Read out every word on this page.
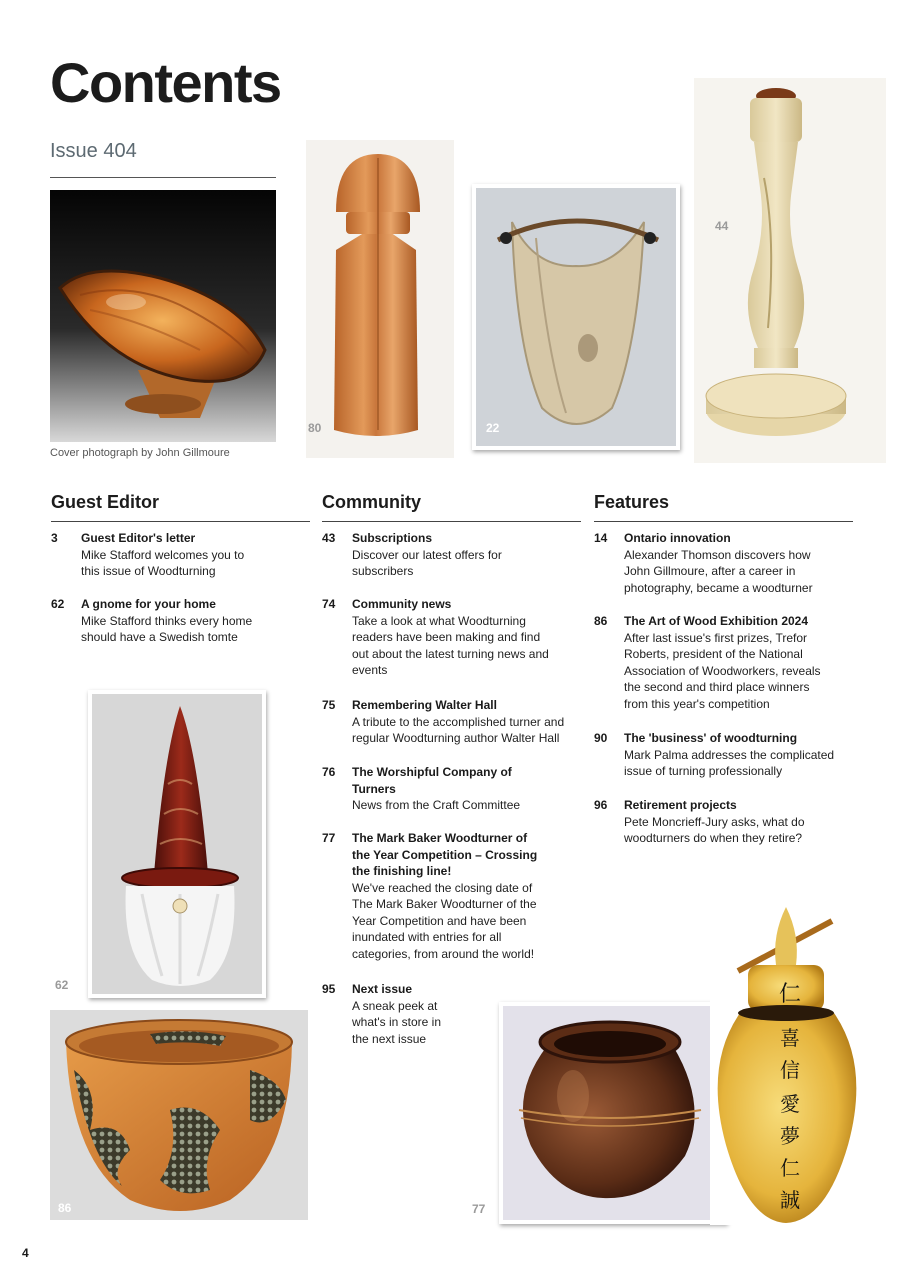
Contents
Issue 404
Cover photograph by John Gillmoure
80	22
44
Guest Editor	Community	Features
3 Guest Editor's letter
Mike Stafford welcomes you to this issue of Woodturning
62 A gnome for your home
Mike Stafford thinks every home should have a Swedish tomte
43 Subscriptions
Discover our latest offers for subscribers
74 Community news
Take a look at what Woodturning readers have been making and find out about the latest turning news and events
75 Remembering Walter Hall
A tribute to the accomplished turner and regular Woodturning author Walter Hall
76 The Worshipful Company of Turners
News from the Craft Committee
77 The Mark Baker Woodturner of the Year Competition – Crossing the finishing line!
We've reached the closing date of The Mark Baker Woodturner of the Year Competition and have been inundated with entries for all categories, from around the world!
95 Next issue
A sneak peek at what's in store in the next issue
14 Ontario innovation
Alexander Thomson discovers how John Gillmoure, after a career in photography, became a woodturner
86 The Art of Wood Exhibition 2024
After last issue's first prizes, Trefor Roberts, president of the National Association of Woodworkers, reveals the second and third place winners from this year's competition
90 The 'business' of woodturning
Mark Palma addresses the complicated issue of turning professionally
96 Retirement projects
Pete Moncrieff-Jury asks, what do woodturners do when they retire?
62
86	77
仁
喜
信
愛
夢
仁
誠
4
